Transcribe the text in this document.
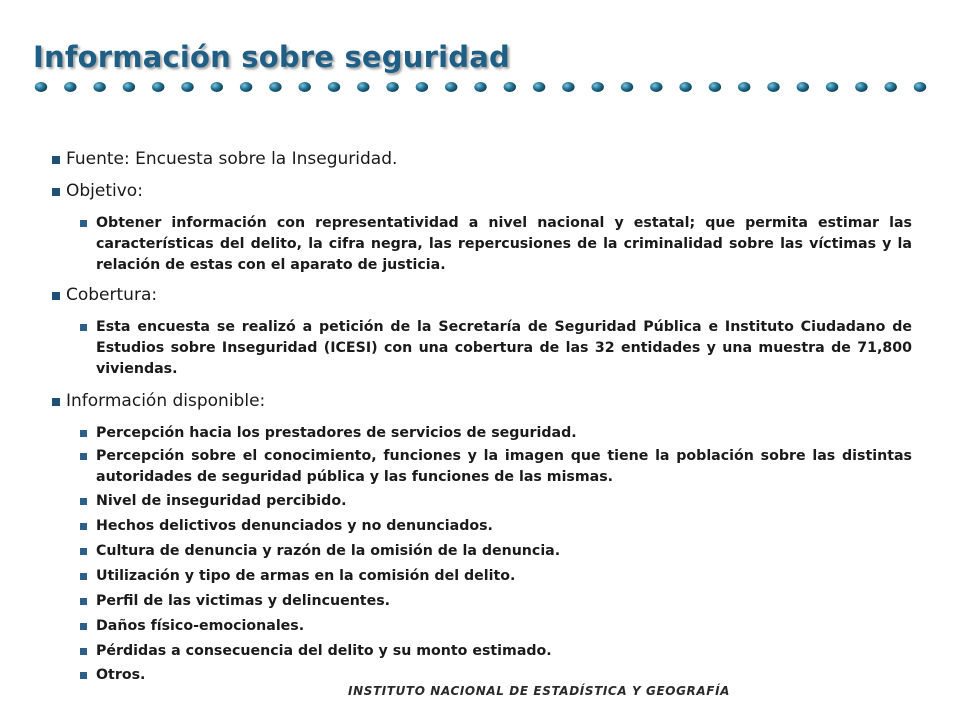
Información sobre seguridad
Fuente: Encuesta sobre la Inseguridad.
Objetivo:
Obtener información con representatividad a nivel nacional y estatal; que permita estimar las características del delito, la cifra negra, las repercusiones de la criminalidad sobre las víctimas y la relación de estas con el aparato de justicia.
Cobertura:
Esta encuesta se realizó a petición de la Secretaría de Seguridad Pública e Instituto Ciudadano de Estudios sobre Inseguridad (ICESI) con una cobertura de las 32 entidades y una muestra de 71,800 viviendas.
Información disponible:
Percepción hacia los prestadores de servicios de seguridad.
Percepción sobre el conocimiento, funciones y la imagen que tiene la población sobre las distintas autoridades de seguridad pública y las funciones de las mismas.
Nivel de inseguridad percibido.
Hechos delictivos denunciados y no denunciados.
Cultura de denuncia y razón de la omisión de la denuncia.
Utilización y tipo de armas en la comisión del delito.
Perfil de las victimas y delincuentes.
Daños físico-emocionales.
Pérdidas a consecuencia del delito y su monto estimado.
Otros.
INSTITUTO NACIONAL DE ESTADÍSTICA Y GEOGRAFÍA
